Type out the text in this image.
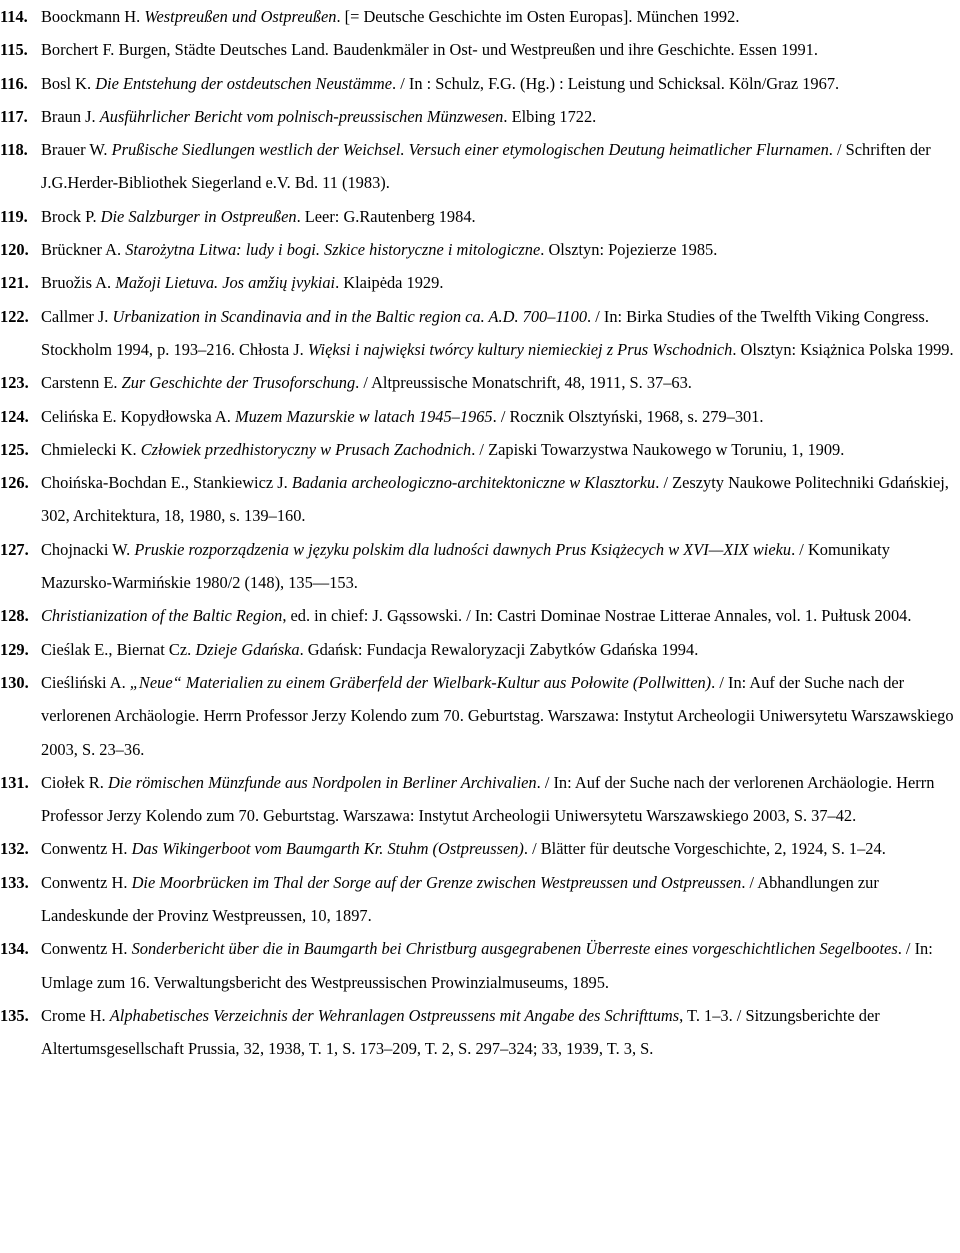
114. Boockmann H. Westpreußen und Ostpreußen. [= Deutsche Geschichte im Osten Europas]. München 1992.
115. Borchert F. Burgen, Städte Deutsches Land. Baudenkmäler in Ost- und Westpreußen und ihre Geschichte. Essen 1991.
116. Bosl K. Die Entstehung der ostdeutschen Neustämme. / In : Schulz, F.G. (Hg.) : Leistung und Schicksal. Köln/Graz 1967.
117. Braun J. Ausführlicher Bericht vom polnisch-preussischen Münzwesen. Elbing 1722.
118. Brauer W. Prußische Siedlungen westlich der Weichsel. Versuch einer etymologischen Deutung heimatlicher Flurnamen. / Schriften der J.G.Herder-Bibliothek Siegerland e.V. Bd. 11 (1983).
119. Brock P. Die Salzburger in Ostpreußen. Leer: G.Rautenberg 1984.
120. Brückner A. Starożytna Litwa: ludy i bogi. Szkice historyczne i mitologiczne. Olsztyn: Pojezierze 1985.
121. Bruožis A. Mažoji Lietuva. Jos amžių įvykiai. Klaipėda 1929.
122. Callmer J. Urbanization in Scandinavia and in the Baltic region ca. A.D. 700–1100. / In: Birka Studies of the Twelfth Viking Congress. Stockholm 1994, p. 193–216. Chłosta J. Więksi i najwięksi twórcy kultury niemieckiej z Prus Wschodnich. Olsztyn: Książnica Polska 1999.
123. Carstenn E. Zur Geschichte der Trusoforschung. / Altpreussische Monatschrift, 48, 1911, S. 37–63.
124. Celińska E. Kopydłowska A. Muzem Mazurskie w latach 1945–1965. / Rocznik Olsztyński, 1968, s. 279–301.
125. Chmielecki K. Człowiek przedhistoryczny w Prusach Zachodnich. / Zapiski Towarzystwa Naukowego w Toruniu, 1, 1909.
126. Choińska-Bochdan E., Stankiewicz J. Badania archeologiczno-architektoniczne w Klasztorku. / Zeszyty Naukowe Politechniki Gdańskiej, 302, Architektura, 18, 1980, s. 139–160.
127. Chojnacki W. Pruskie rozporządzenia w języku polskim dla ludności dawnych Prus Książecych w XVI—XIX wieku. / Komunikaty Mazursko-Warmińskie 1980/2 (148), 135—153.
128. Christianization of the Baltic Region, ed. in chief: J. Gąssowski. / In: Castri Dominae Nostrae Litterae Annales, vol. 1. Pułtusk 2004.
129. Cieślak E., Biernat Cz. Dzieje Gdańska. Gdańsk: Fundacja Rewaloryzacji Zabytków Gdańska 1994.
130. Cieśliński A. „Neue“ Materialien zu einem Gräberfeld der Wielbark-Kultur aus Połowite (Pollwitten). / In: Auf der Suche nach der verlorenen Archäologie. Herrn Professor Jerzy Kolendo zum 70. Geburtstag. Warszawa: Instytut Archeologii Uniwersytetu Warszawskiego 2003, S. 23–36.
131. Ciołek R. Die römischen Münzfunde aus Nordpolen in Berliner Archivalien. / In: Auf der Suche nach der verlorenen Archäologie. Herrn Professor Jerzy Kolendo zum 70. Geburtstag. Warszawa: Instytut Archeologii Uniwersytetu Warszawskiego 2003, S. 37–42.
132. Conwentz H. Das Wikingerboot vom Baumgarth Kr. Stuhm (Ostpreussen). / Blätter für deutsche Vorgeschichte, 2, 1924, S. 1–24.
133. Conwentz H. Die Moorbrücken im Thal der Sorge auf der Grenze zwischen Westpreussen und Ostpreussen. / Abhandlungen zur Landeskunde der Provinz Westpreussen, 10, 1897.
134. Conwentz H. Sonderbericht über die in Baumgarth bei Christburg ausgegrabenen Überreste eines vorgeschichtlichen Segelbootes. / In: Umlage zum 16. Verwaltungsbericht des Westpreussischen Prowinzialmuseums, 1895.
135. Crome H. Alphabetisches Verzeichnis der Wehranlagen Ostpreussens mit Angabe des Schrifttums, T. 1–3. / Sitzungsberichte der Altertumsgesellschaft Prussia, 32, 1938, T. 1, S. 173–209, T. 2, S. 297–324; 33, 1939, T. 3, S.
